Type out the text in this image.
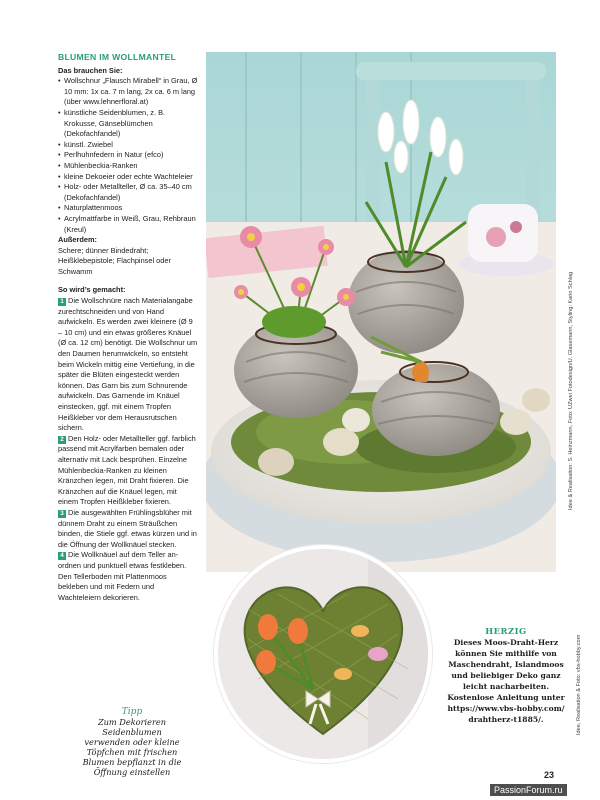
BLUMEN IM WOLLMANTEL
Das brauchen Sie:
• Wollschnur „Flausch Mirabell“ in Grau, Ø 10 mm: 1x ca. 7 m lang, 2x ca. 6 m lang (über www.lehnerfloral.at)
• künstliche Seidenblumen, z. B. Krokusse, Gänseblümchen (Dekofachfandel)
• künstl. Zwiebel
• Perlhuhnfedern in Natur (efco)
• Mühlenbeckia-Ranken
• kleine Dekoeier oder echte Wachteleier
• Holz- oder Metallteller, Ø ca. 35–40 cm (Dekofachfandel)
• Naturplattenmoos
• Acrylmattfarbe in Weiß, Grau, Rehbraun (Kreul)
Außerdem:

Schere; dünner Bindedraht; Heißklebepistole; Flachpinsel oder Schwamm

So wird’s gemacht:

1 Die Wollschnüre nach Materialangabe zurechtschneiden und von Hand aufwickeln. Es werden zwei kleinere (Ø 9 – 10 cm) und ein etwas größeres Knäuel (Ø ca. 12 cm) benötigt. Die Wollschnur um den Daumen herumwickeln, so entsteht beim Wickeln mittig eine Vertiefung, in die später die Blüten eingesteckt werden können. Das Garn bis zum Schnurende aufwickeln. Das Garnende im Knäuel einstecken, ggf. mit einem Tropfen Heißkleber vor dem Herausrutschen sichern.

2 Den Holz- oder Metallteller ggf. farblich passend mit Acrylfarben bemalen oder alternativ mit Lack besprühen. Einzelne Mühlenbeckia-Ranken zu kleinen Kränzchen legen, mit Draht fixieren. Die Kränzchen auf die Knäuel legen, mit einem Tropfen Heißkleber fixieren.

3 Die ausgewählten Frühlingsblüher mit dünnem Draht zu einem Sträußchen binden, die Stiele ggf. etwas kürzen und in die Öffnung der Wollknäuel stecken.

4 Die Wollknäuel auf dem Teller anordnen und punktuell etwas festkleben. Den Tellerboden mit Plattenmoos bekleben und mit Federn und Wachteleiern dekorieren.

Tipp
Zum Dekorieren
Seidenblumen
verwenden oder kleine
Töpfchen mit frischen
Blumen bepflanzt in die
Öffnung einstellen
Idee & Realisation: S. Heinzmann, Foto: UZwei Fotodesign/U. Glasemann, Styling: Karin Schlag
Idee, Realisation & Foto: vbs-hobby.com
HERZIG
Dieses Moos-Draht-Herz
können Sie mithilfe von
Maschendraht, Islandmoos
und beliebiger Deko ganz
leicht nacharbeiten.
Kostenlose Anleitung unter
https://www.vbs-hobby.com/
drahtherz-t1885/.
23
PassionForum.ru
